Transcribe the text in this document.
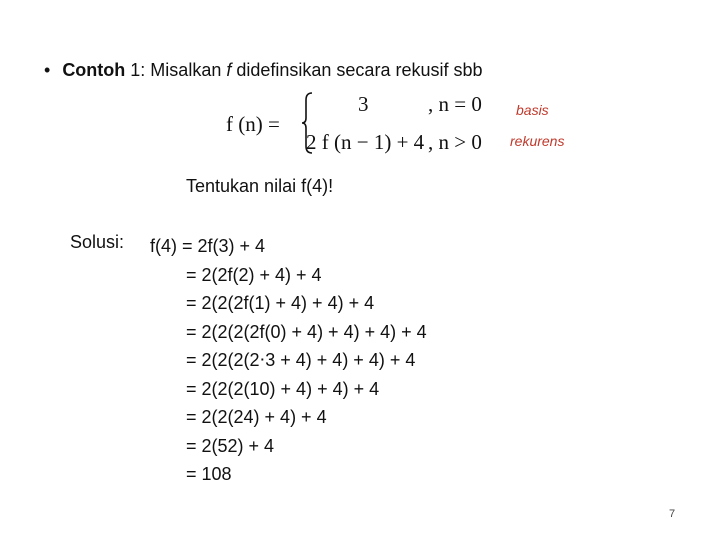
• Contoh 1: Misalkan f didefinsikan secara rekusif sbb
f (n) =
3	, n = 0
2 f (n − 1) + 4 , n > 0
basis
rekurens
Tentukan nilai f(4)!
Solusi: f(4) = 2f(3) + 4
= 2(2f(2) + 4) + 4
= 2(2(2f(1) + 4) + 4) + 4
= 2(2(2(2f(0) + 4) + 4) + 4) + 4
= 2(2(2(2⋅3 + 4) + 4) + 4) + 4
= 2(2(2(10) + 4) + 4) + 4
= 2(2(24) + 4) + 4
= 2(52) + 4
= 108
7
